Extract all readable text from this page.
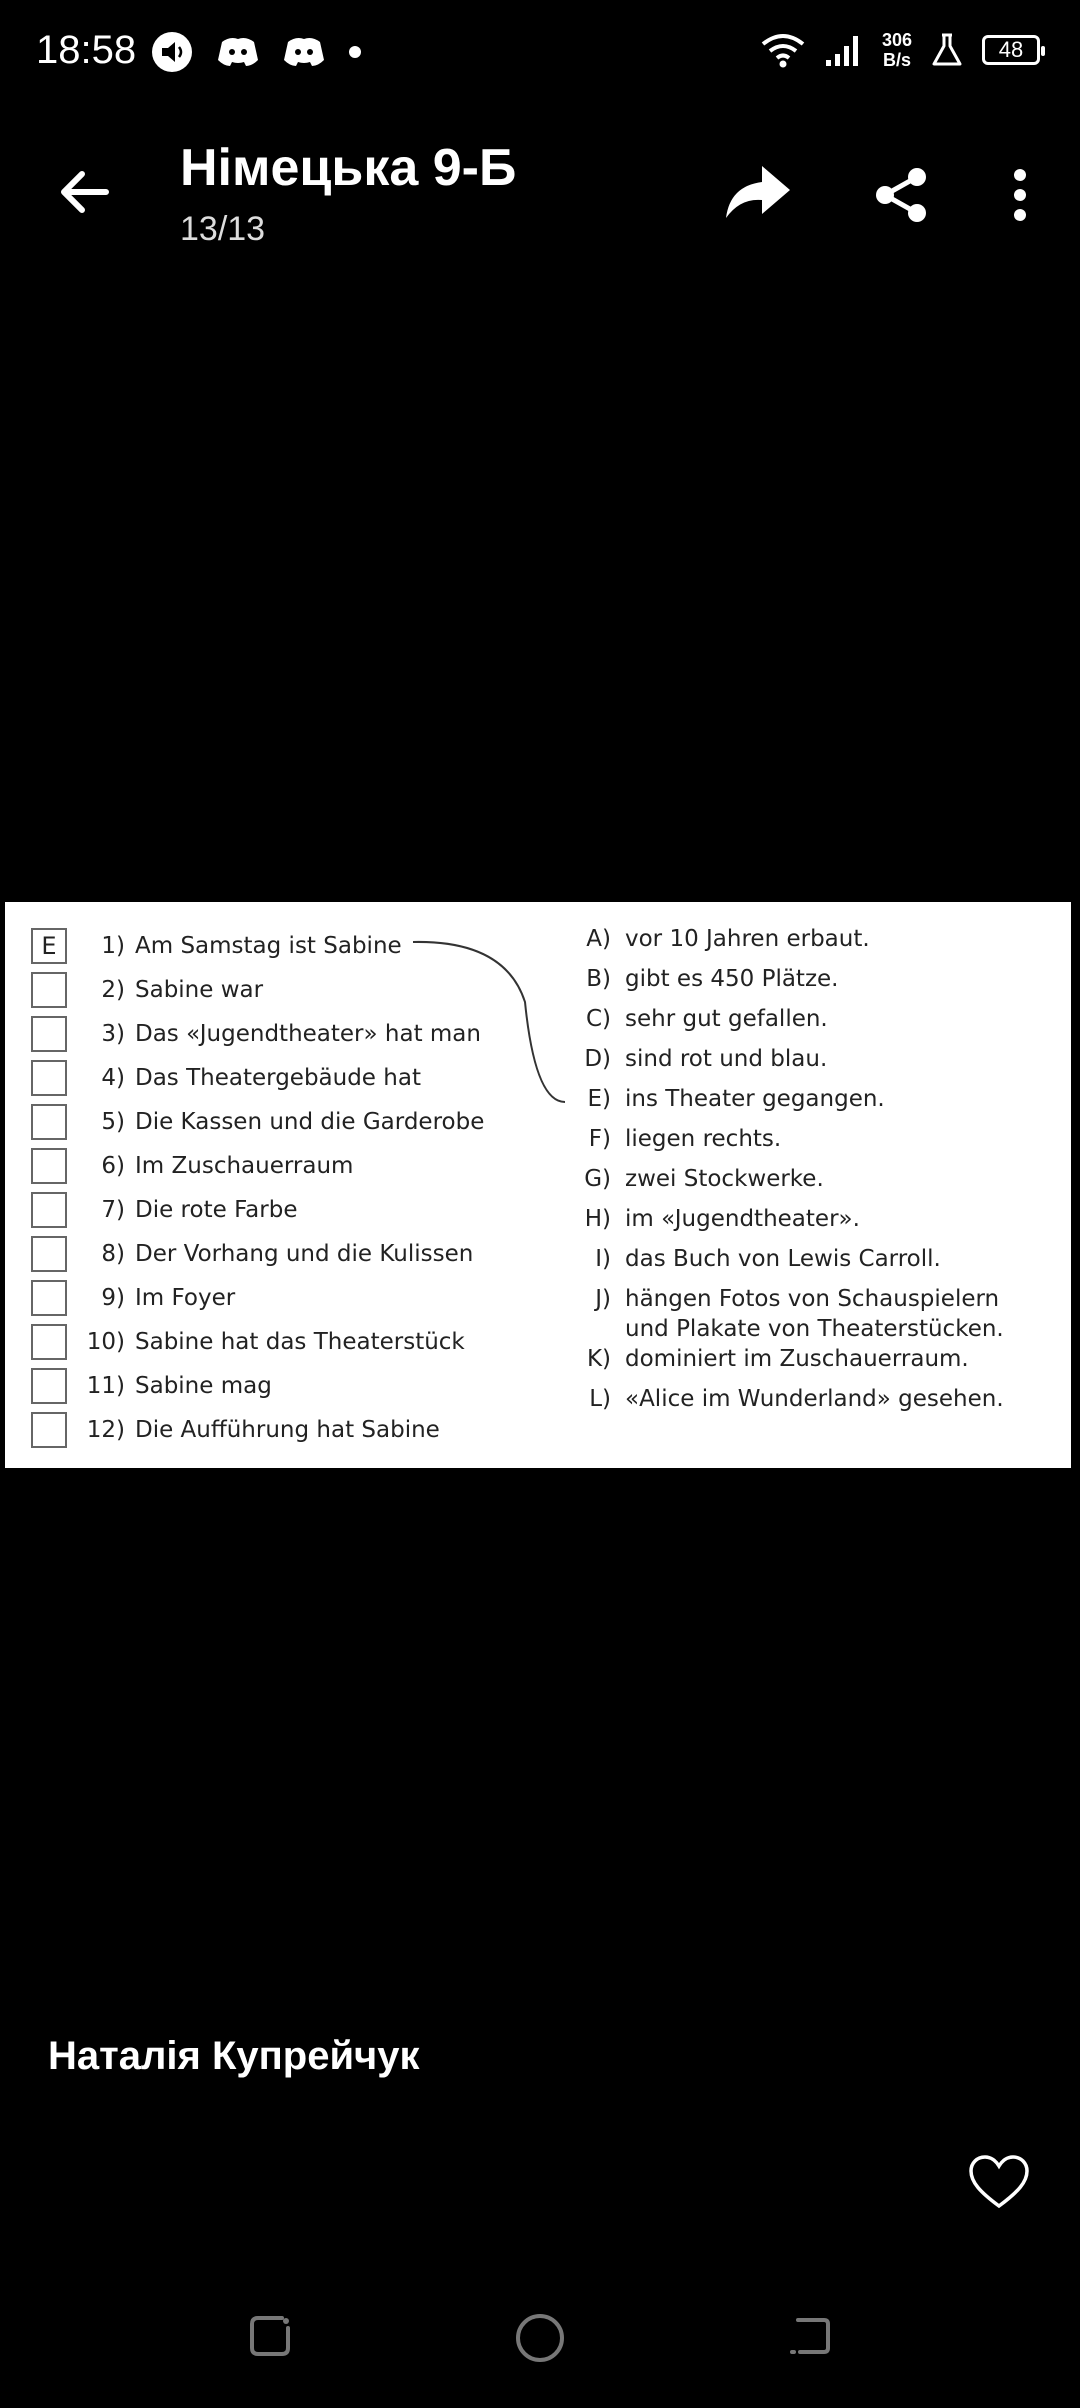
18:58	306
B/s	48
Німецька 9-Б
13/13
E	1) Am Samstag ist Sabine
2) Sabine war
3) Das «Jugendtheater» hat man
4) Das Theatergebäude hat
5) Die Kassen und die Garderobe
6) Im Zuschauerraum
7) Die rote Farbe
8) Der Vorhang und die Kulissen
9) Im Foyer
10) Sabine hat das Theaterstück
11) Sabine mag
12) Die Aufführung hat Sabine
A) vor 10 Jahren erbaut.
B) gibt es 450 Plätze.
C) sehr gut gefallen.
D) sind rot und blau.
E) ins Theater gegangen.
F) liegen rechts.
G) zwei Stockwerke.
H) im «Jugendtheater».
I) das Buch von Lewis Carroll.
J) hängen Fotos von Schauspielern und Plakate von Theaterstücken.
K) dominiert im Zuschauerraum.
L) «Alice im Wunderland» gesehen.
Наталія Купрейчук
